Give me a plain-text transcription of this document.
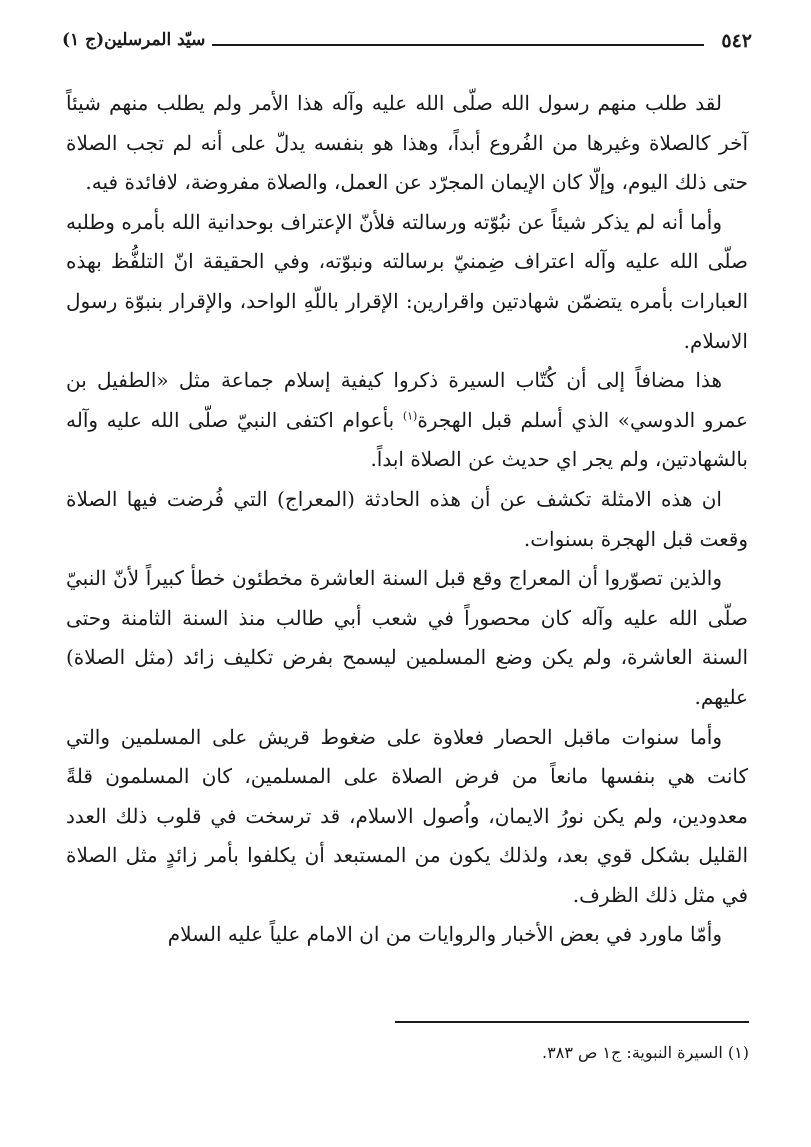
٥٤٢
سيّد المرسلين(ج ١)

لقد طلب منهم رسول الله صلّى الله عليه وآله هذا الأمر ولم يطلب منهم شيئاً آخر كالصلاة وغيرها من الفُروع أبداً، وهذا هو بنفسه يدلّ على أنه لم تجب الصلاة حتى ذلك اليوم، وإلّا كان الإيمان المجرّد عن العمل، والصلاة مفروضة، لافائدة فيه.

وأما أنه لم يذكر شيئاً عن نبُوّته ورسالته فلأنّ الإعتراف بوحدانية الله بأمره وطلبه صلّى الله عليه وآله اعتراف ضِمنيّ برسالته ونبوّته، وفي الحقيقة انّ التلفُّظ بهذه العبارات بأمره يتضمّن شهادتين واقرارين: الإقرار باللّهِ الواحد، والإقرار بنبوّة رسول الاسلام.

هذا مضافاً إلى أن كُتّاب السيرة ذكروا كيفية إسلام جماعة مثل «الطفيل بن عمرو الدوسي» الذي أسلم قبل الهجرة$^{(١)}$ بأعوام اكتفى النبيّ صلّى الله عليه وآله بالشهادتين، ولم يجر اي حديث عن الصلاة ابداً.

ان هذه الامثلة تكشف عن أن هذه الحادثة (المعراج) التي فُرضت فيها الصلاة وقعت قبل الهجرة بسنوات.

والذين تصوّروا أن المعراج وقع قبل السنة العاشرة مخطئون خطأ كبيراً لأنّ النبيّ صلّى الله عليه وآله كان محصوراً في شعب أبي طالب منذ السنة الثامنة وحتى السنة العاشرة، ولم يكن وضع المسلمين ليسمح بفرض تكليف زائد (مثل الصلاة) عليهم.

وأما سنوات ماقبل الحصار فعلاوة على ضغوط قريش على المسلمين والتي كانت هي بنفسها مانعاً من فرض الصلاة على المسلمين، كان المسلمون قلةً معدودين، ولم يكن نورُ الايمان، واُصول الاسلام، قد ترسخت في قلوب ذلك العدد القليل بشكل قوي بعد، ولذلك يكون من المستبعد أن يكلفوا بأمر زائدٍ مثل الصلاة في مثل ذلك الظرف.

وأمّا ماورد في بعض الأخبار والروايات من ان الامام علياً عليه السلام

(١) السيرة النبوية: ج١ ص ٣٨٣.
